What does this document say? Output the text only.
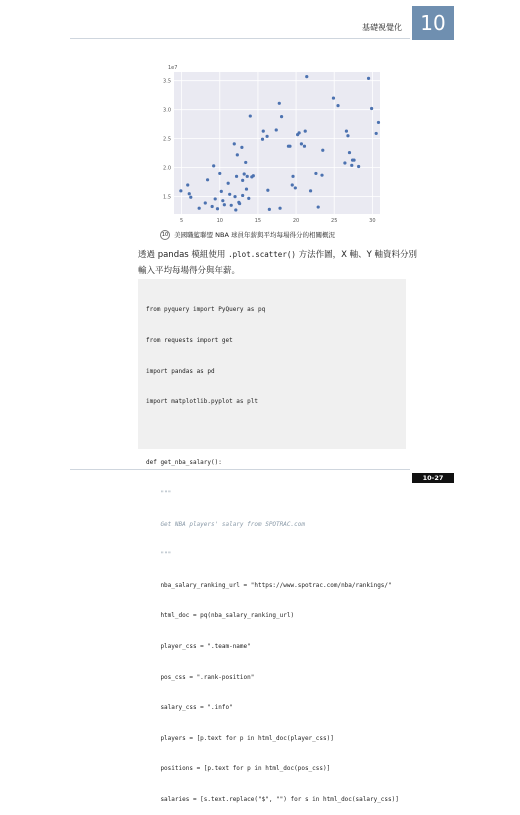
基礎視覺化 10
5	10	15	20	25	30
1.5
2.0
2.5
3.0
3.5
1e7
10 美國職籃聯盟 NBA 球員年薪與平均每場得分的相關概況
透過 pandas 模組使用 .plot.scatter() 方法作圖，X 軸、Y 軸資料分別輸入平均每場得分與年薪。

from pyquery import PyQuery as pq

from requests import get

import pandas as pd

import matplotlib.pyplot as plt

def get_nba_salary():

"""

Get NBA players' salary from SPOTRAC.com

"""

nba_salary_ranking_url = "https://www.spotrac.com/nba/rankings/"

html_doc = pq(nba_salary_ranking_url)

player_css = ".team-name"

pos_css = ".rank-position"

salary_css = ".info"

players = [p.text for p in html_doc(player_css)]

positions = [p.text for p in html_doc(pos_css)]

salaries = [s.text.replace("$", "") for s in html_doc(salary_css)]

10-27
